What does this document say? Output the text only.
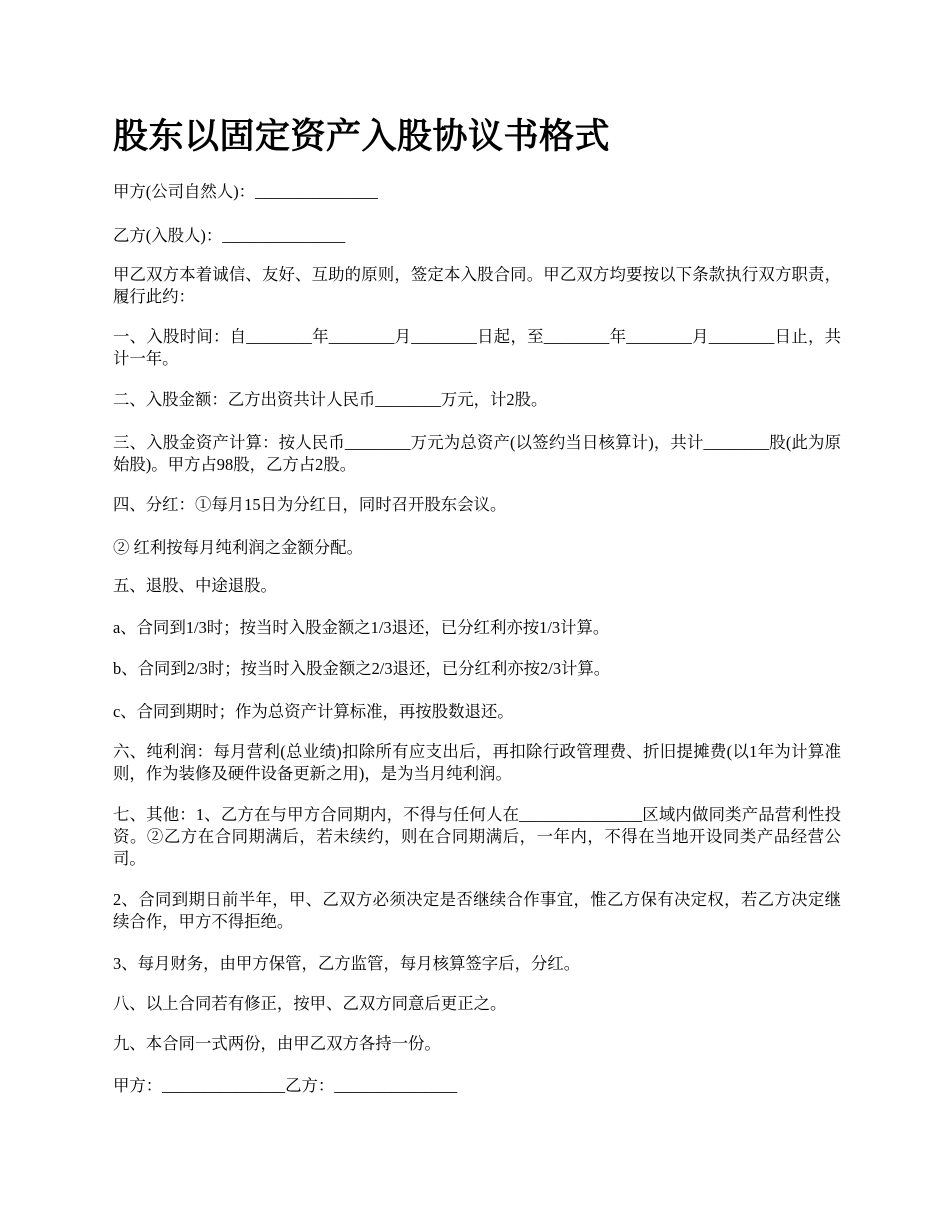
股东以固定资产入股协议书格式

甲方(公司自然人)：_______________

乙方(入股人)：_______________

甲乙双方本着诚信、友好、互助的原则，签定本入股合同。甲乙双方均要按以下条款执行双方职责，履行此约：

一、入股时间：自________年________月________日起，至________年________月________日止，共计一年。

二、入股金额：乙方出资共计人民币________万元，计2股。

三、入股金资产计算：按人民币________万元为总资产(以签约当日核算计)，共计________股(此为原始股)。甲方占98股，乙方占2股。

四、分红：①每月15日为分红日，同时召开股东会议。

② 红利按每月纯利润之金额分配。

五、退股、中途退股。

a、合同到1/3时；按当时入股金额之1/3退还，已分红利亦按1/3计算。

b、合同到2/3时；按当时入股金额之2/3退还，已分红利亦按2/3计算。

c、合同到期时；作为总资产计算标准，再按股数退还。

六、纯利润：每月营利(总业绩)扣除所有应支出后，再扣除行政管理费、折旧提摊费(以1年为计算准则，作为装修及硬件设备更新之用)，是为当月纯利润。

七、其他：1、乙方在与甲方合同期内，不得与任何人在_______________区域内做同类产品营利性投资。②乙方在合同期满后，若未续约，则在合同期满后，一年内，不得在当地开设同类产品经营公司。

2、合同到期日前半年，甲、乙双方必须决定是否继续合作事宜，惟乙方保有决定权，若乙方决定继续合作，甲方不得拒绝。

3、每月财务，由甲方保管，乙方监管，每月核算签字后，分红。

八、以上合同若有修正，按甲、乙双方同意后更正之。

九、本合同一式两份，由甲乙双方各持一份。

甲方：_______________乙方：_______________
